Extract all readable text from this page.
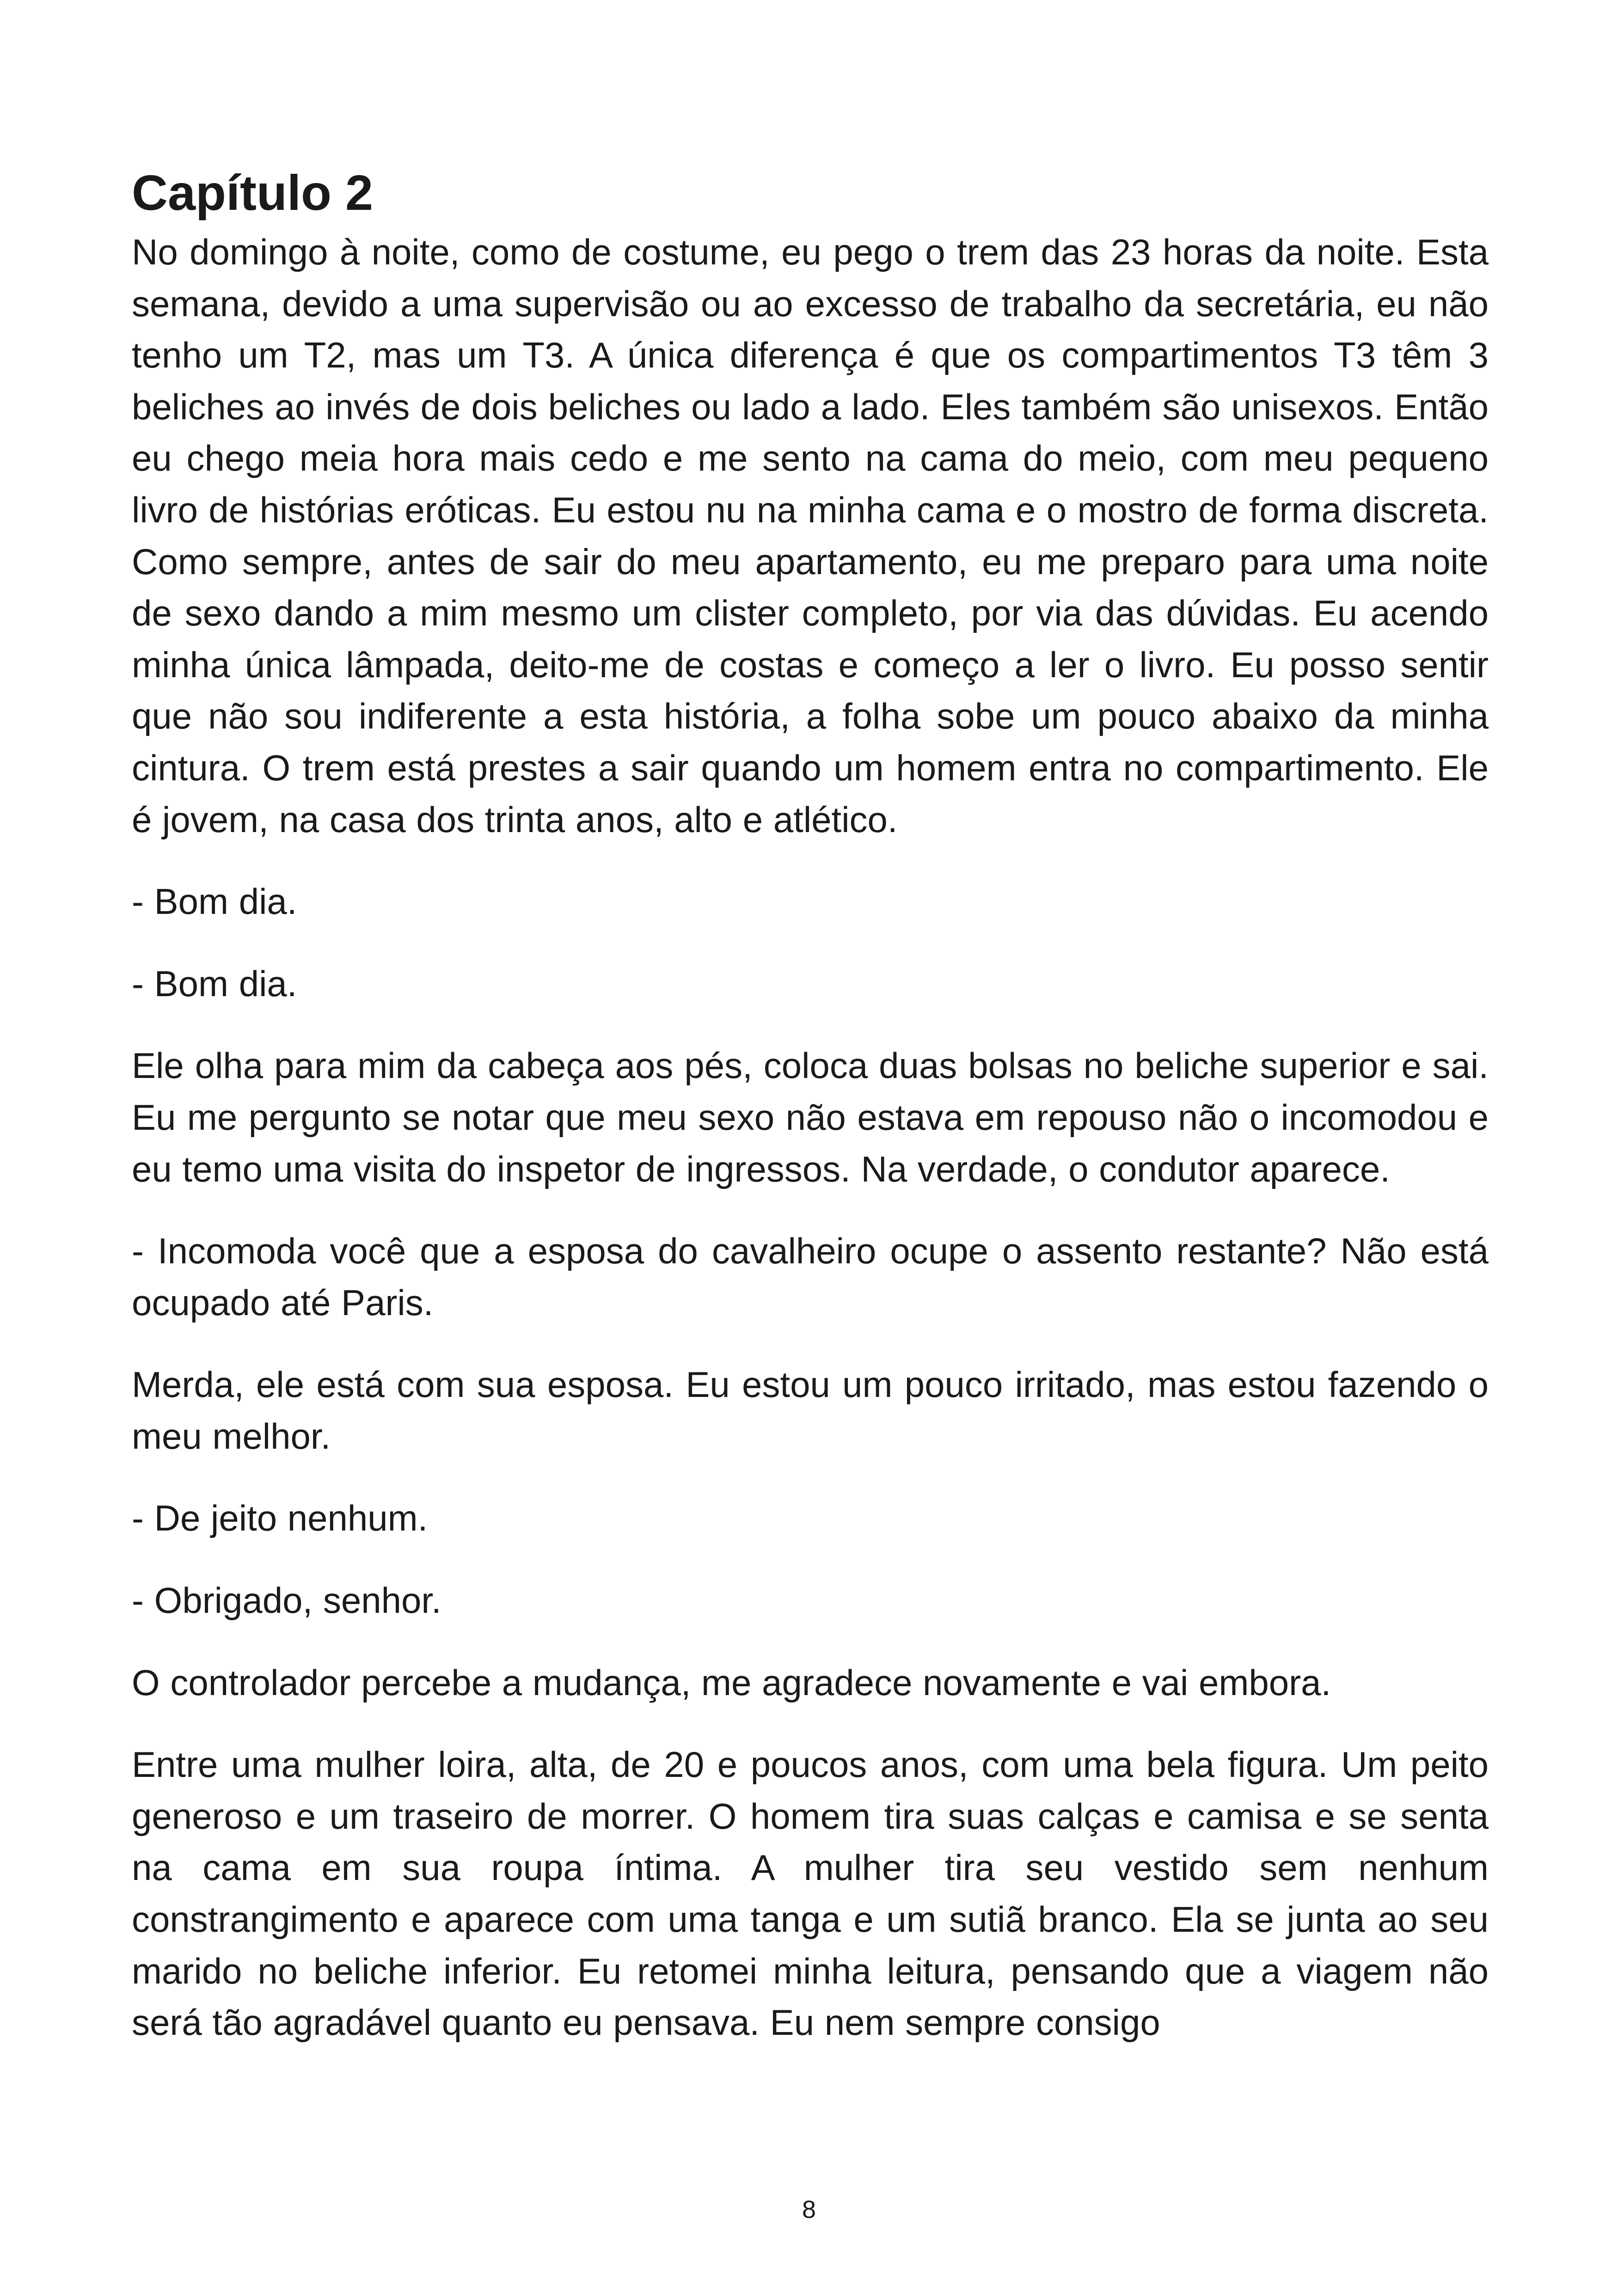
Capítulo 2

No domingo à noite, como de costume, eu pego o trem das 23 horas da noite. Esta semana, devido a uma supervisão ou ao excesso de trabalho da secretária, eu não tenho um T2, mas um T3. A única diferença é que os compartimentos T3 têm 3 beliches ao invés de dois beliches ou lado a lado. Eles também são unisexos. Então eu chego meia hora mais cedo e me sento na cama do meio, com meu pequeno livro de histórias eróticas. Eu estou nu na minha cama e o mostro de forma discreta. Como sempre, antes de sair do meu apartamento, eu me preparo para uma noite de sexo dando a mim mesmo um clister completo, por via das dúvidas. Eu acendo minha única lâmpada, deito-me de costas e começo a ler o livro. Eu posso sentir que não sou indiferente a esta história, a folha sobe um pouco abaixo da minha cintura. O trem está prestes a sair quando um homem entra no compartimento. Ele é jovem, na casa dos trinta anos, alto e atlético.

- Bom dia.

- Bom dia.

Ele olha para mim da cabeça aos pés, coloca duas bolsas no beliche superior e sai. Eu me pergunto se notar que meu sexo não estava em repouso não o incomodou e eu temo uma visita do inspetor de ingressos. Na verdade, o condutor aparece.

- Incomoda você que a esposa do cavalheiro ocupe o assento restante? Não está ocupado até Paris.

Merda, ele está com sua esposa. Eu estou um pouco irritado, mas estou fazendo o meu melhor.

- De jeito nenhum.

- Obrigado, senhor.

O controlador percebe a mudança, me agradece novamente e vai embora.

Entre uma mulher loira, alta, de 20 e poucos anos, com uma bela figura. Um peito generoso e um traseiro de morrer. O homem tira suas calças e camisa e se senta na cama em sua roupa íntima. A mulher tira seu vestido sem nenhum constrangimento e aparece com uma tanga e um sutiã branco. Ela se junta ao seu marido no beliche inferior. Eu retomei minha leitura, pensando que a viagem não será tão agradável quanto eu pensava. Eu nem sempre consigo

8
